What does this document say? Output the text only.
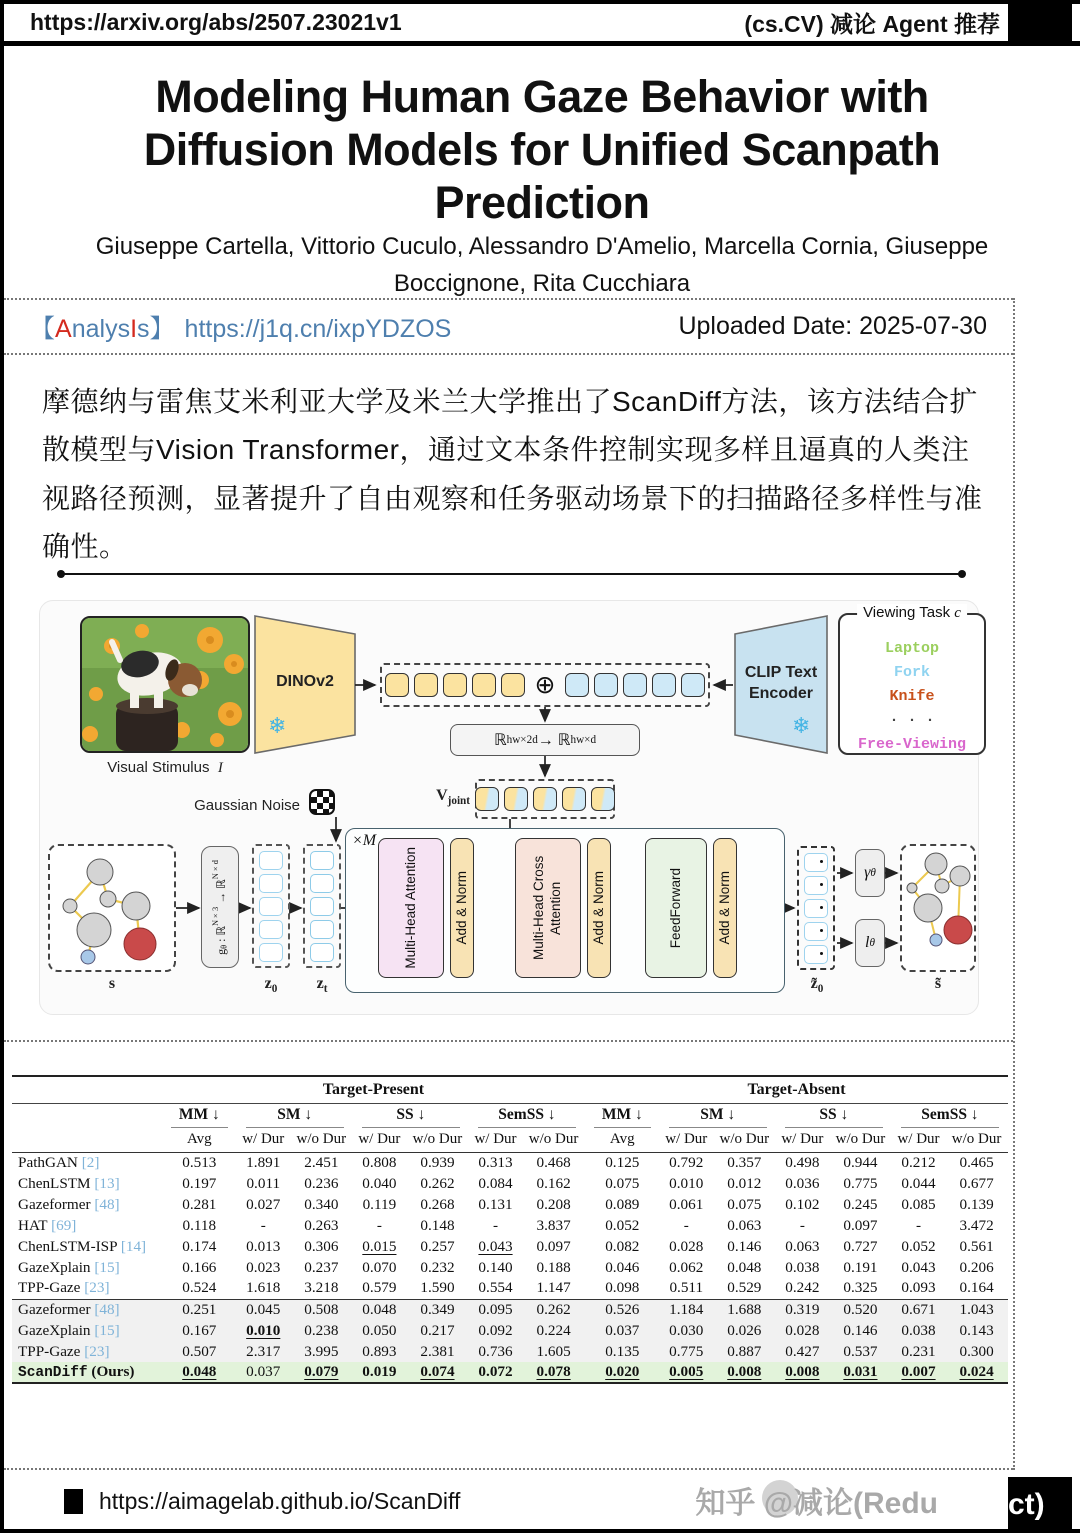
https://arxiv.org/abs/2507.23021v1	(cs.CV) 减论 Agent 推荐
Modeling Human Gaze Behavior with Diffusion Models for Unified Scanpath Prediction
Giuseppe Cartella, Vittorio Cuculo, Alessandro D'Amelio, Marcella Cornia, Giuseppe Boccignone, Rita Cucchiara
【AnalysIs】 https://j1q.cn/ixpYDZOS	Uploaded Date: 2025-07-30
摩德纳与雷焦艾米利亚大学及米兰大学推出了ScanDiff方法，该方法结合扩散模型与Vision Transformer，通过文本条件控制实现多样且逼真的人类注视路径预测，显著提升了自由观察和任务驱动场景下的扫描路径多样性与准确性。
Visual Stimulus I
DINOv2
❄
⊕	CLIP Text Encoder
❄
Viewing Task c
Laptop
Fork
Knife
· · ·
Free-Viewing
ℝ hw×2d → ℝ hw×d
$V_{joint}$
Gaussian Noise
s
$g_\theta$ : ℝ$^{N\times 3}$ → ℝ$^{N\times d}$
$z_0$	$z_t$
×M
Multi-Head Attention	Add & Norm	Multi-Head Cross Attention Add & Norm	FeedForward	Add & Norm
$z̃_0$
γ θ
l θ
s̃
	Target-Present							Target-Absent						

	MM ↓	SM ↓		SS ↓		SemSS ↓		MM ↓	SM ↓		SS ↓		SemSS ↓	

	Avg	w/ Dur	w/o Dur	w/ Dur	w/o Dur	w/ Dur	w/o Dur	Avg	w/ Dur	w/o Dur	w/ Dur	w/o Dur	w/ Dur	w/o Dur
PathGAN [2]	0.513	1.891	2.451	0.808	0.939	0.313	0.468	0.125	0.792	0.357	0.498	0.944	0.212	0.465
ChenLSTM [13]	0.197	0.011	0.236	0.040	0.262	0.084	0.162	0.075	0.010	0.012	0.036	0.775	0.044	0.677
Gazeformer [48]	0.281	0.027	0.340	0.119	0.268	0.131	0.208	0.089	0.061	0.075	0.102	0.245	0.085	0.139
HAT [69]	0.118	-	0.263	-	0.148	-	3.837	0.052	-	0.063	-	0.097	-	3.472
ChenLSTM-ISP [14]	0.174	0.013	0.306	0.015	0.257	0.043	0.097	0.082	0.028	0.146	0.063	0.727	0.052	0.561
GazeXplain [15]	0.166	0.023	0.237	0.070	0.232	0.140	0.188	0.046	0.062	0.048	0.038	0.191	0.043	0.206
TPP-Gaze [23]	0.524	1.618	3.218	0.579	1.590	0.554	1.147	0.098	0.511	0.529	0.242	0.325	0.093	0.164
Gazeformer [48]	0.251	0.045	0.508	0.048	0.349	0.095	0.262	0.526	1.184	1.688	0.319	0.520	0.671	1.043
GazeXplain [15]	0.167	0.010	0.238	0.050	0.217	0.092	0.224	0.037	0.030	0.026	0.028	0.146	0.038	0.143
TPP-Gaze [23]	0.507	2.317	3.995	0.893	2.381	0.736	1.605	0.135	0.775	0.887	0.427	0.537	0.231	0.300
ScanDiff (Ours)	0.048	0.037	0.079	0.019	0.074	0.072	0.078	0.020	0.005	0.008	0.008	0.031	0.007	0.024
https://aimagelab.github.io/ScanDiff	知乎 @减论(Redu ct)
